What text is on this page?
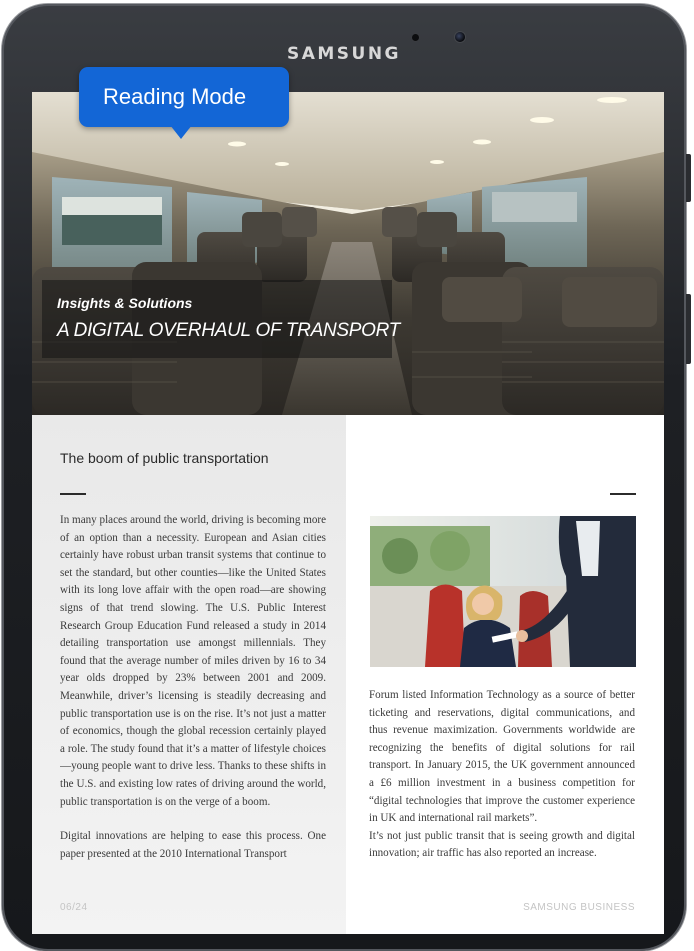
SAMSUNG
Insights & Solutions
A DIGITAL OVERHAUL OF TRANSPORT
The boom of public transportation

In many places around the world, driving is becoming more of an option than a necessity. European and Asian cities certainly have robust urban transit systems that continue to set the standard, but other counties—like the United States with its long love affair with the open road—are showing signs of that trend slowing. The U.S. Public Interest Research Group Education Fund released a study in 2014 detailing transportation use amongst millennials. They found that the average number of miles driven by 16 to 34 year olds dropped by 23% between 2001 and 2009. Meanwhile, driver’s licensing is steadily decreasing and public transportation use is on the rise. It’s not just a matter of economics, though the global recession certainly played a role. The study found that it’s a matter of lifestyle choices—young people want to drive less. Thanks to these shifts in the U.S. and existing low rates of driving around the world, public transportation is on the verge of a boom.

Digital innovations are helping to ease this process. One paper presented at the 2010 International Transport

06/24

Forum listed Information Technology as a source of better ticketing and reservations, digital communications, and thus revenue maximization. Governments worldwide are recognizing the benefits of digital solutions for rail transport. In January 2015, the UK government announced a £6 million investment in a business competition for “digital technologies that improve the customer experience in UK and international rail markets”.

It’s not just public transit that is seeing growth and digital innovation; air traffic has also reported an increase.

SAMSUNG BUSINESS
Reading Mode
